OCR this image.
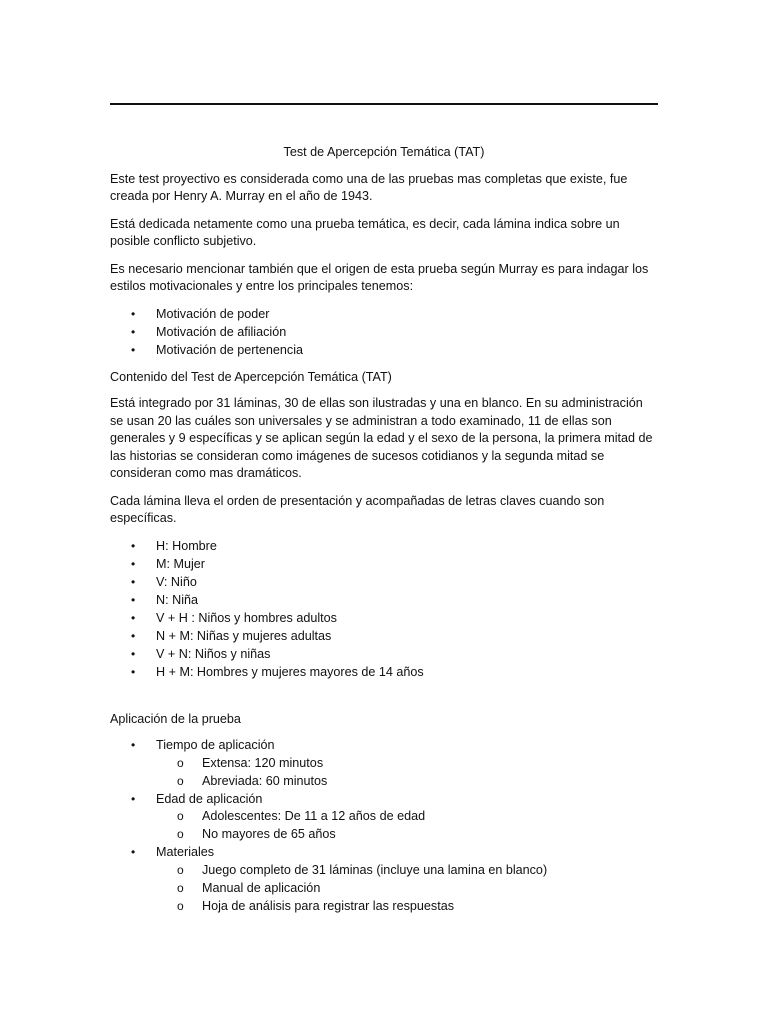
Test de Apercepción Temática (TAT)

Este test proyectivo es considerada como una de las pruebas mas completas que existe, fue creada por Henry A. Murray en el año de 1943.

Está dedicada netamente como una prueba temática, es decir, cada lámina indica sobre un posible conflicto subjetivo.

Es necesario mencionar también que el origen de esta prueba según Murray es para indagar los estilos motivacionales y entre los principales tenemos:

• Motivación de poder
• Motivación de afiliación
• Motivación de pertenencia
Contenido del Test de Apercepción Temática (TAT)

Está integrado por 31 láminas, 30 de ellas son ilustradas y una en blanco. En su administración se usan 20 las cuáles son universales y se administran a todo examinado, 11 de ellas son generales y 9 específicas y se aplican según la edad y el sexo de la persona, la primera mitad de las historias se consideran como imágenes de sucesos cotidianos y la segunda mitad se consideran como mas dramáticos.

Cada lámina lleva el orden de presentación y acompañadas de letras claves cuando son específicas.

• H: Hombre
• M: Mujer
• V: Niño
• N: Niña
• V + H : Niños y hombres adultos
• N + M: Niñas y mujeres adultas
• V + N: Niños y niñas
• H + M: Hombres y mujeres mayores de 14 años
Aplicación de la prueba
• Tiempo de aplicación
o Extensa: 120 minutos
o Abreviada: 60 minutos
• Edad de aplicación
o Adolescentes: De 11 a 12 años de edad
o No mayores de 65 años
• Materiales
o Juego completo de 31 láminas (incluye una lamina en blanco)
o Manual de aplicación
o Hoja de análisis para registrar las respuestas
